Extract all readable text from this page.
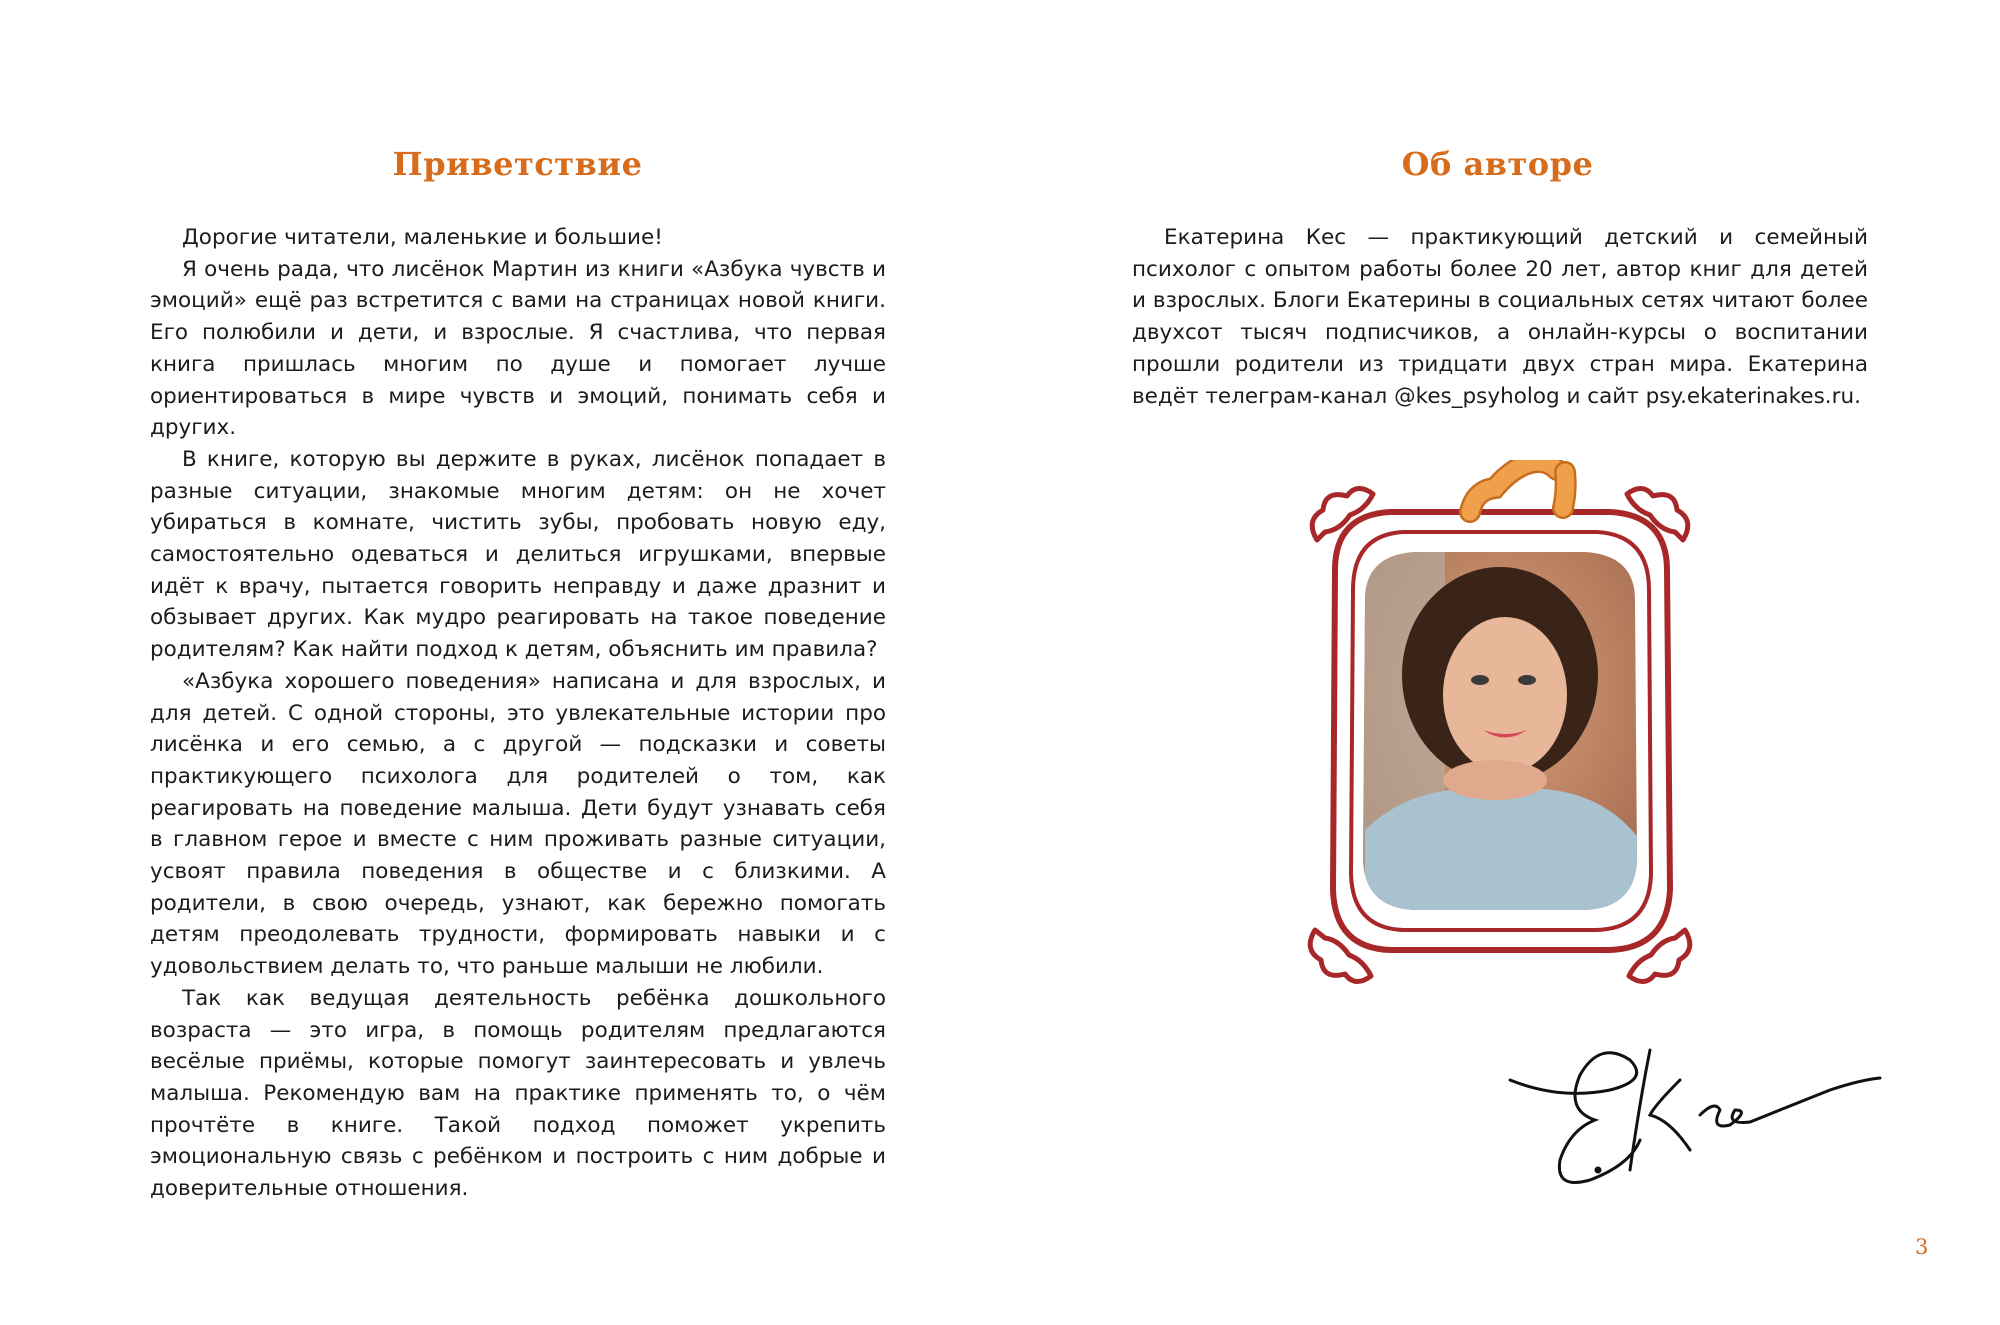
Приветствие

Дорогие читатели, маленькие и большие!

Я очень рада, что лисёнок Мартин из книги «Азбука чувств и эмоций» ещё раз встретится с вами на страницах новой книги. Его полюбили и дети, и взрослые. Я счастлива, что первая книга пришлась многим по душе и помогает лучше ориентироваться в мире чувств и эмоций, понимать себя и других.

В книге, которую вы держите в руках, лисёнок попадает в разные ситуации, знакомые многим детям: он не хочет убираться в комнате, чистить зубы, пробовать новую еду, самостоятельно одеваться и делиться игрушками, впервые идёт к врачу, пытается говорить неправду и даже дразнит и обзывает других. Как мудро реагировать на такое поведение родителям? Как найти подход к детям, объяснить им правила?

«Азбука хорошего поведения» написана и для взрослых, и для детей. С одной стороны, это увлекательные истории про лисёнка и его семью, а с другой — подсказки и советы практикующего психолога для родителей о том, как реагировать на поведение малыша. Дети будут узнавать себя в главном герое и вместе с ним проживать разные ситуации, усвоят правила поведения в обществе и с близкими. А родители, в свою очередь, узнают, как бережно помогать детям преодолевать трудности, формировать навыки и с удовольствием делать то, что раньше малыши не любили.

Так как ведущая деятельность ребёнка дошкольного возраста — это игра, в помощь родителям предлагаются весёлые приёмы, которые помогут заинтересовать и увлечь малыша. Рекомендую вам на практике применять то, о чём прочтёте в книге. Такой подход поможет укрепить эмоциональную связь с ребёнком и построить с ним добрые и доверительные отношения.

Об авторе

Екатерина Кес — практикующий детский и семейный психолог с опытом работы более 20 лет, автор книг для детей и взрослых. Блоги Екатерины в социальных сетях читают более двухсот тысяч подписчиков, а онлайн-курсы о воспитании прошли родители из тридцати двух стран мира. Екатерина ведёт телеграм-канал @kes_psyholog и сайт psy.ekaterinakes.ru.

3
